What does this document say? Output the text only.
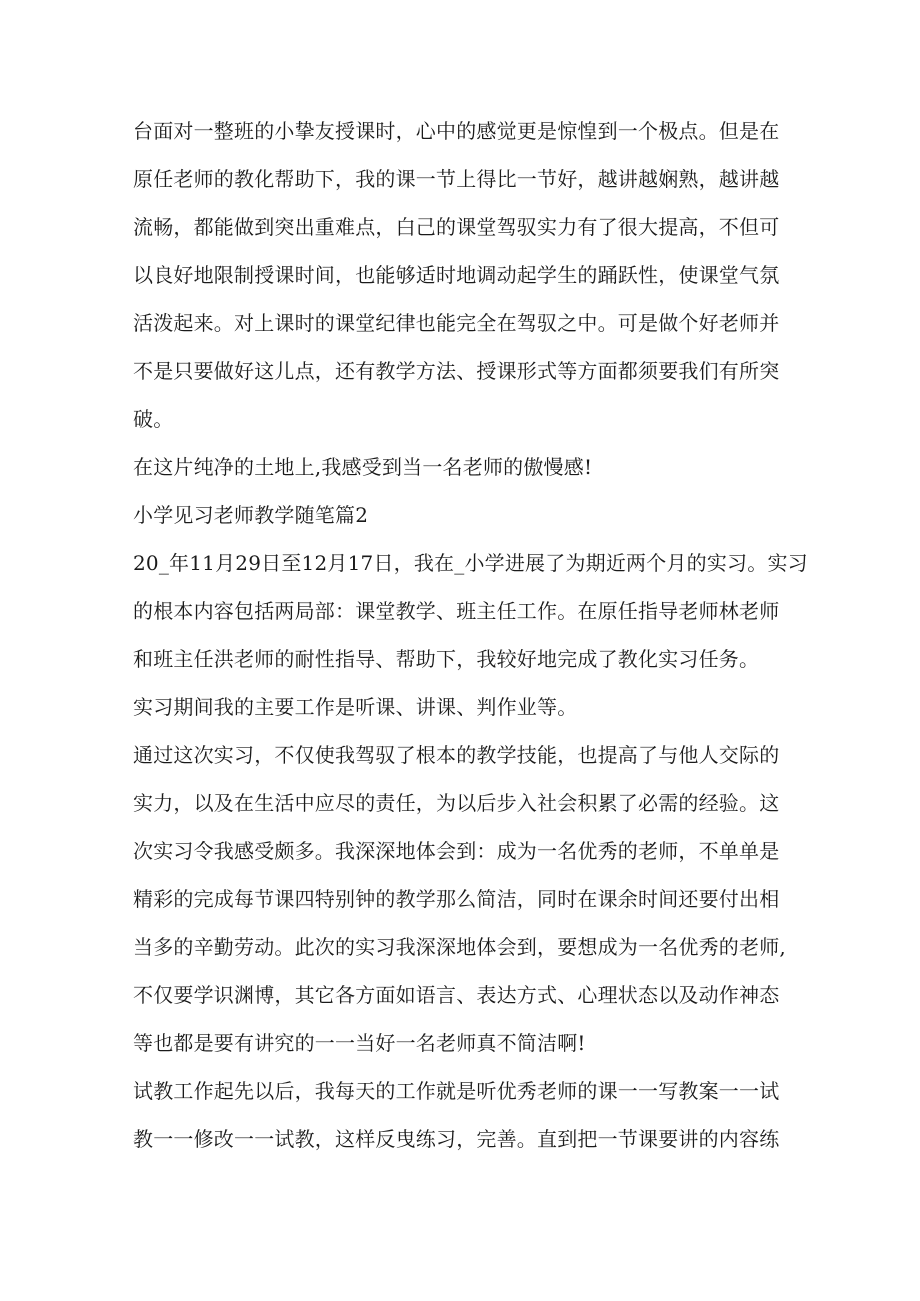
台面对一整班的小挚友授课时，心中的感觉更是惊惶到一个极点。但是在
原任老师的教化帮助下，我的课一节上得比一节好，越讲越娴熟，越讲越
流畅，都能做到突出重难点，白己的课堂驾驭实力有了很大提高，不但可
以良好地限制授课时间，也能够适时地调动起学生的踊跃性，使课堂气氛
活泼起来。对上课时的课堂纪律也能完全在驾驭之中。可是做个好老师并
不是只要做好这儿点，还有教学方法、授课形式等方面都须要我们有所突
破。

在这片纯净的土地上,我感受到当一名老师的傲慢感!

小学见习老师教学随笔篇2

20_年11月29日至12月17日，我在_小学进展了为期近两个月的实习。实习
的根本内容包括两局部：课堂教学、班主任工作。在原任指导老师林老师
和班主任洪老师的耐性指导、帮助下，我较好地完成了教化实习任务。

实习期间我的主要工作是听课、讲课、判作业等。

通过这次实习，不仅使我驾驭了根本的教学技能，也提高了与他人交际的
实力，以及在生活中应尽的责任，为以后步入社会积累了必需的经验。这
次实习令我感受颇多。我深深地体会到：成为一名优秀的老师，不单单是
精彩的完成每节课四特别钟的教学那么简洁，同时在课余时间还要付出相
当多的辛勤劳动。此次的实习我深深地体会到，要想成为一名优秀的老师,
不仅要学识渊博，其它各方面如语言、表达方式、心理状态以及动作神态
等也都是要有讲究的一一当好一名老师真不简洁啊!

试教工作起先以后，我每天的工作就是听优秀老师的课一一写教案一一试
教一一修改一一试教，这样反曳练习，完善。直到把一节课要讲的内容练
